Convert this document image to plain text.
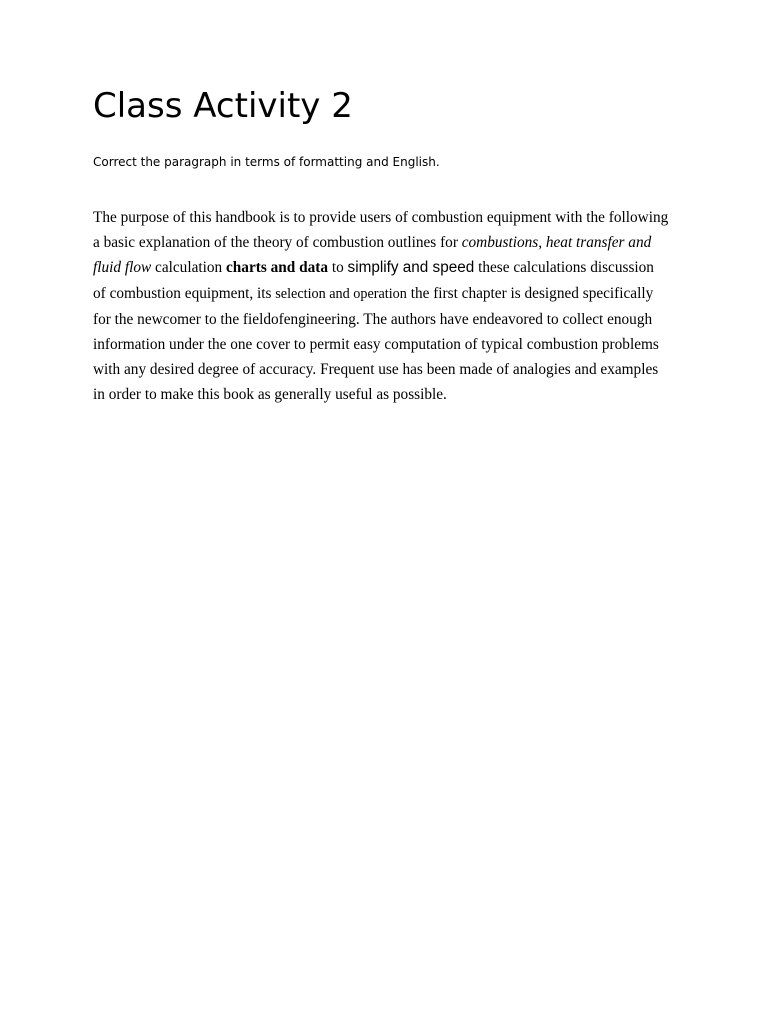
Class Activity 2

Correct the paragraph in terms of formatting and English.

The purpose of this handbook is to provide users of combustion equipment with the following
a basic explanation of the theory of combustion outlines for combustions, heat transfer and
fluid flow calculation charts and data to simplify and speed these calculations discussion
of combustion equipment, its selection and operation the first chapter is designed specifically
for the newcomer to the fieldofengineering. The authors have endeavored to collect enough
information under the one cover to permit easy computation of typical combustion problems
with any desired degree of accuracy. Frequent use has been made of analogies and examples
in order to make this book as generally useful as possible.
